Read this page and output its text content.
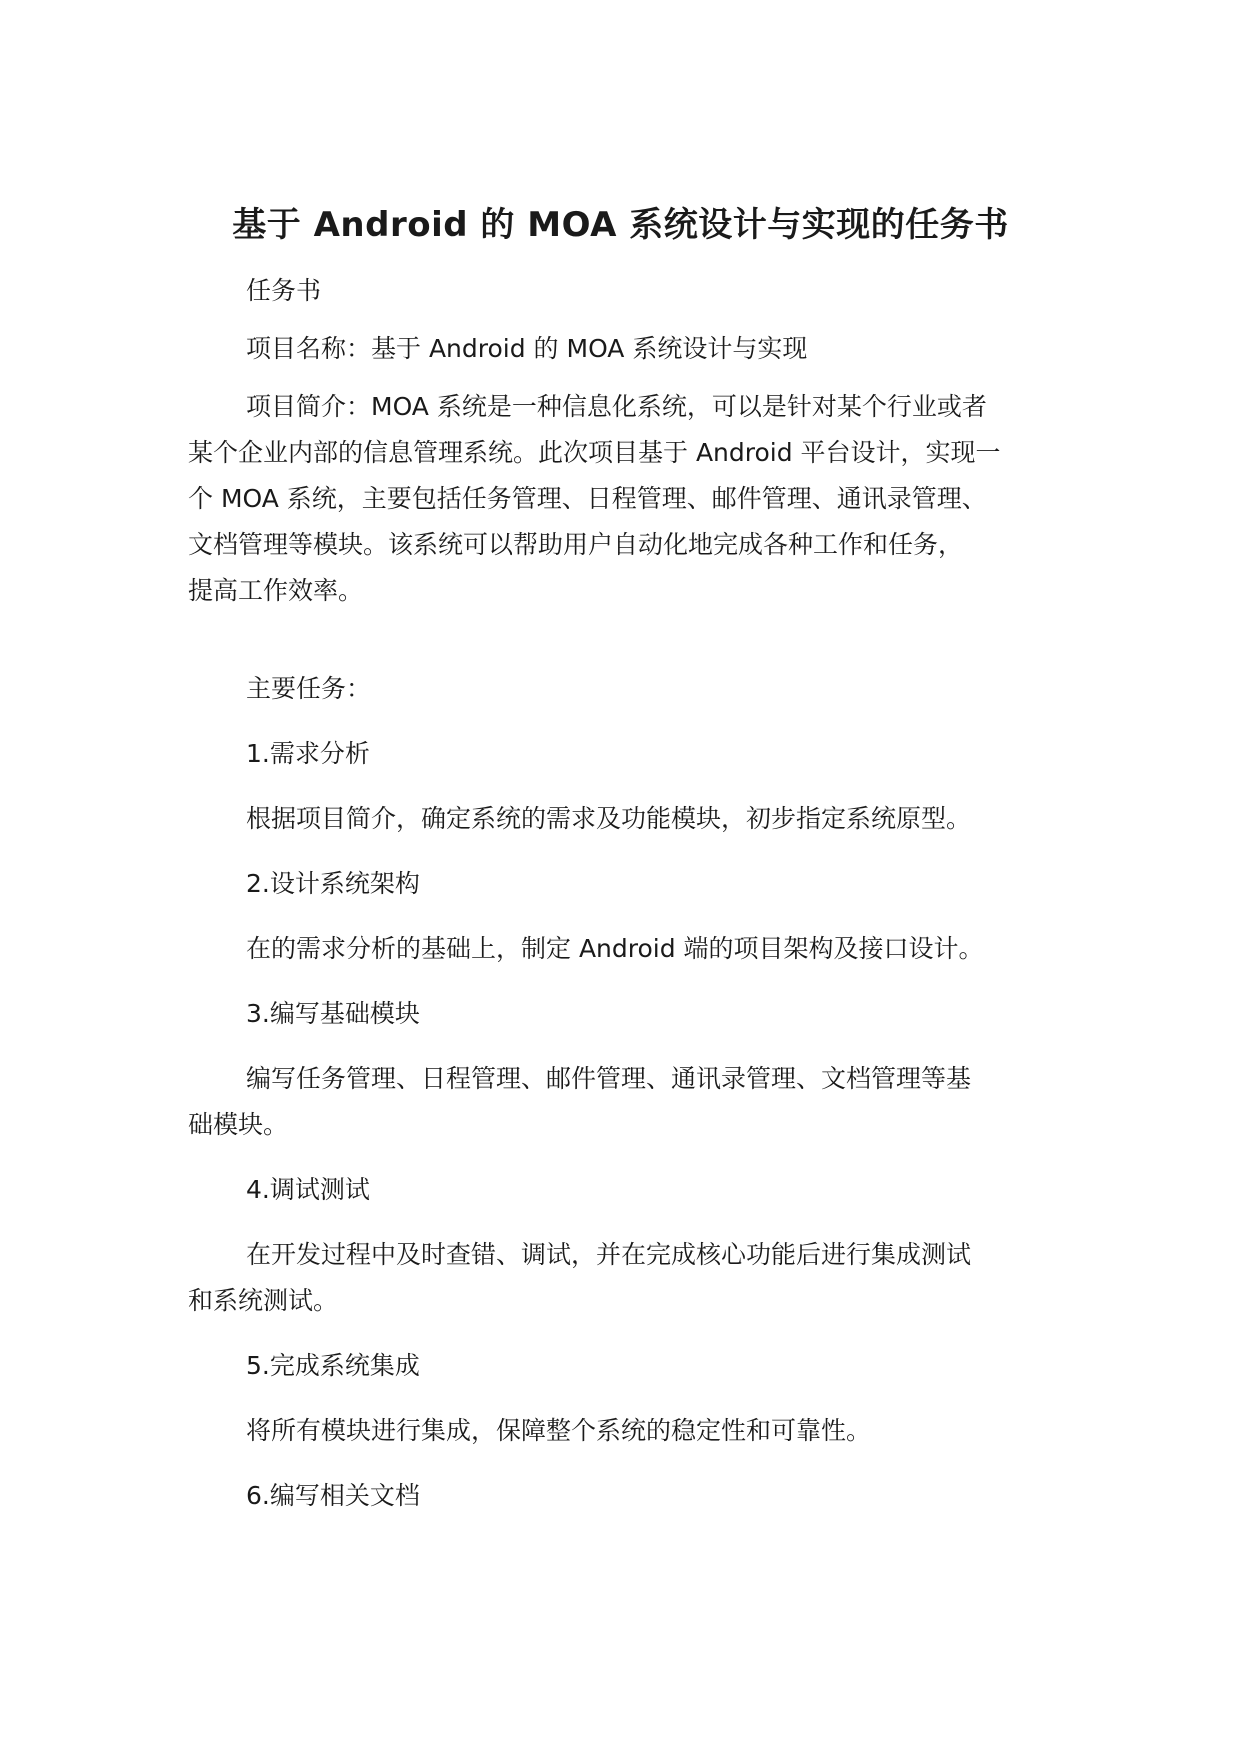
基于 Android 的 MOA 系统设计与实现的任务书

任务书

项目名称：基于 Android 的 MOA 系统设计与实现

项目简介：MOA 系统是一种信息化系统，可以是针对某个行业或者
某个企业内部的信息管理系统。此次项目基于 Android 平台设计，实现一
个 MOA 系统，主要包括任务管理、日程管理、邮件管理、通讯录管理、
文档管理等模块。该系统可以帮助用户自动化地完成各种工作和任务，
提高工作效率。

主要任务：

1.需求分析

根据项目简介，确定系统的需求及功能模块，初步指定系统原型。

2.设计系统架构

在的需求分析的基础上，制定 Android 端的项目架构及接口设计。

3.编写基础模块

编写任务管理、日程管理、邮件管理、通讯录管理、文档管理等基
础模块。

4.调试测试

在开发过程中及时查错、调试，并在完成核心功能后进行集成测试
和系统测试。

5.完成系统集成

将所有模块进行集成，保障整个系统的稳定性和可靠性。

6.编写相关文档
